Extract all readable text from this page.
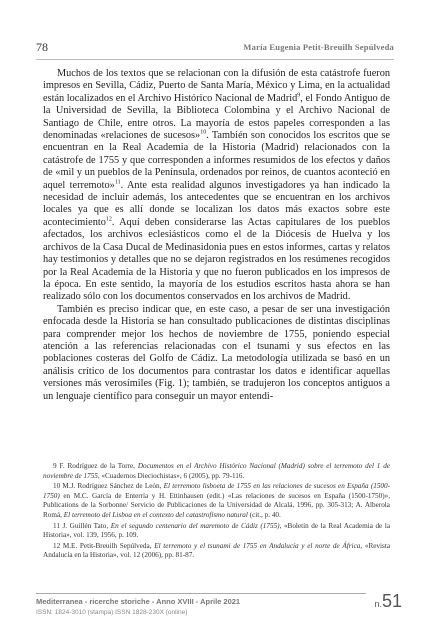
78	María Eugenia Petit-Breuilh Sepúlveda

Muchos de los textos que se relacionan con la difusión de esta catástrofe fueron impresos en Sevilla, Cádiz, Puerto de Santa María, México y Lima, en la actualidad están localizados en el Archivo Histórico Nacional de Madrid$^9$, el Fondo Antiguo de la Universidad de Sevilla, la Biblioteca Colombina y el Archivo Nacional de Santiago de Chile, entre otros. La mayoría de estos papeles corresponden a las denominadas «relaciones de sucesos»$^{10}$. También son conocidos los escritos que se encuentran en la Real Academia de la Historia (Madrid) relacionados con la catástrofe de 1755 y que corresponden a informes resumidos de los efectos y daños de «mil y un pueblos de la Península, ordenados por reinos, de cuantos aconteció en aquel terremoto»$^{11}$. Ante esta realidad algunos investigadores ya han indicado la necesidad de incluir además, los antecedentes que se encuentran en los archivos locales ya que es allí donde se localizan los datos más exactos sobre este acontecimiento$^{12}$. Aquí deben considerarse las Actas capitulares de los pueblos afectados, los archivos eclesiásticos como el de la Diócesis de Huelva y los archivos de la Casa Ducal de Medinasidonia pues en estos informes, cartas y relatos hay testimonios y detalles que no se dejaron registrados en los resúmenes recogidos por la Real Academia de la Historia y que no fueron publicados en los impresos de la época. En este sentido, la mayoría de los estudios escritos hasta ahora se han realizado sólo con los documentos conservados en los archivos de Madrid.

También es preciso indicar que, en este caso, a pesar de ser una investigación enfocada desde la Historia se han consultado publicaciones de distintas disciplinas para comprender mejor los hechos de noviembre de 1755, poniendo especial atención a las referencias relacionadas con el tsunami y sus efectos en las poblaciones costeras del Golfo de Cádiz. La metodología utilizada se basó en un análisis crítico de los documentos para contrastar los datos e identificar aquellas versiones más verosímiles (Fig. 1); también, se tradujeron los conceptos antiguos a un lenguaje científico para conseguir un mayor entendi-

9 F. Rodríguez de la Torre, Documentos en el Archivo Histórico Nacional (Madrid) sobre el terremoto del 1 de noviembre de 1755, «Cuadernos Dieciochistas», 6 (2005), pp. 79-116.

10 M.J. Rodríguez Sánchez de León, El terremoto lisboeta de 1755 en las relaciones de sucesos en España (1500-1750) en M.C. García de Enterría y H. Ettinhausen (edit.) «Las relaciones de sucesos en España (1500-1750)», Publications de la Sorbonne/ Servicio de Publicaciones de la Universidad de Alcalá, 1996, pp. 305-313; A. Alberola Romá, El terremoto del Lisboa en el contexto del catastrofismo natural (cit., p. 40.

11 J. Guillén Tato, En el segundo centenario del maremoto de Cádiz (1755), «Boletín de la Real Academia de la Historia», vol. 139, 1956, p. 109.

12 M.E. Petit-Breuilh Sepúlveda, El terremoto y el tsunami de 1755 en Andalucía y el norte de África, «Revista Andalucía en la Historia», vol. 12 (2006), pp. 81-87.

Mediterranea - ricerche storiche - Anno XVIII - Aprile 2021
ISSN: 1824-3010 (stampa) ISSN 1828-230X (online)
n.51
